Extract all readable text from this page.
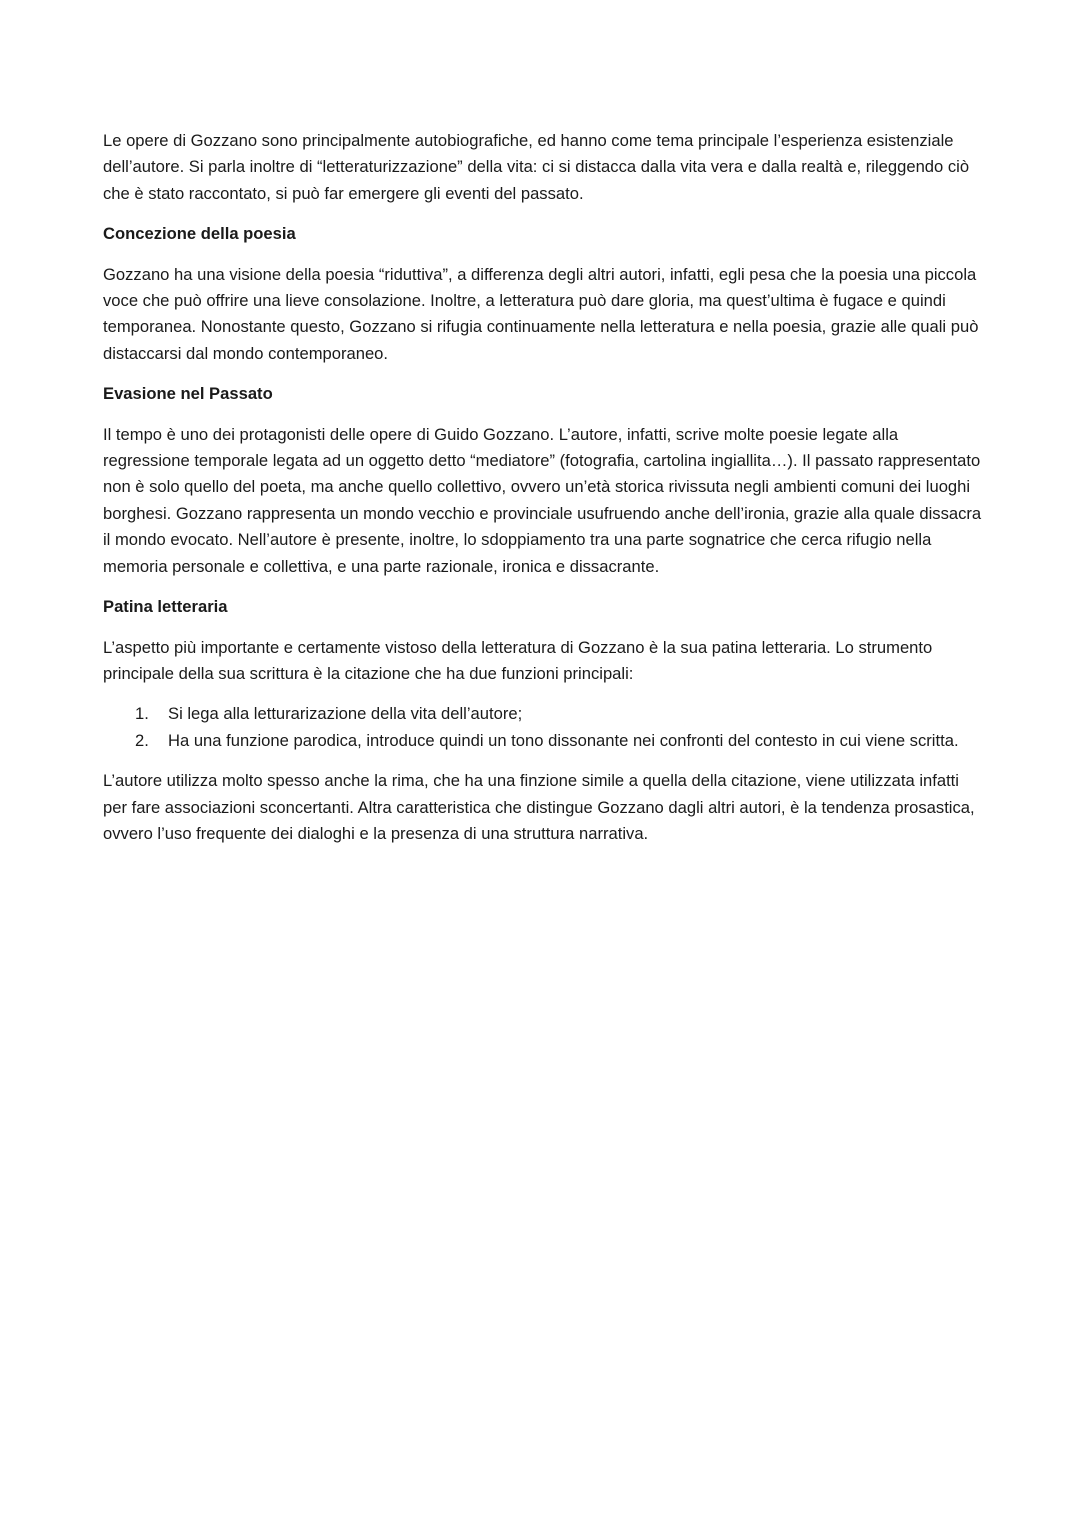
Le opere di Gozzano sono principalmente autobiografiche, ed hanno come tema principale l’esperienza esistenziale dell’autore. Si parla inoltre di “letteraturizzazione” della vita: ci si distacca dalla vita vera e dalla realtà e, rileggendo ciò che è stato raccontato, si può far emergere gli eventi del passato.

Concezione della poesia

Gozzano ha una visione della poesia “riduttiva”, a differenza degli altri autori, infatti, egli pesa che la poesia una piccola voce che può offrire una lieve consolazione. Inoltre, a letteratura può dare gloria, ma quest’ultima è fugace e quindi temporanea. Nonostante questo, Gozzano si rifugia continuamente nella letteratura e nella poesia, grazie alle quali può distaccarsi dal mondo contemporaneo.

Evasione nel Passato

Il tempo è uno dei protagonisti delle opere di Guido Gozzano. L’autore, infatti, scrive molte poesie legate alla regressione temporale legata ad un oggetto detto “mediatore” (fotografia, cartolina ingiallita…). Il passato rappresentato non è solo quello del poeta, ma anche quello collettivo, ovvero un’età storica rivissuta negli ambienti comuni dei luoghi borghesi. Gozzano rappresenta un mondo vecchio e provinciale usufruendo anche dell’ironia, grazie alla quale dissacra il mondo evocato. Nell’autore è presente, inoltre, lo sdoppiamento tra una parte sognatrice che cerca rifugio nella memoria personale e collettiva, e una parte razionale, ironica e dissacrante.

Patina letteraria

L’aspetto più importante e certamente vistoso della letteratura di Gozzano è la sua patina letteraria. Lo strumento principale della sua scrittura è la citazione che ha due funzioni principali:

1. Si lega alla letturarizazione della vita dell’autore;
2. Ha una funzione parodica, introduce quindi un tono dissonante nei confronti del contesto in cui viene scritta.

L’autore utilizza molto spesso anche la rima, che ha una finzione simile a quella della citazione, viene utilizzata infatti per fare associazioni sconcertanti. Altra caratteristica che distingue Gozzano dagli altri autori, è la tendenza prosastica, ovvero l’uso frequente dei dialoghi e la presenza di una struttura narrativa.
